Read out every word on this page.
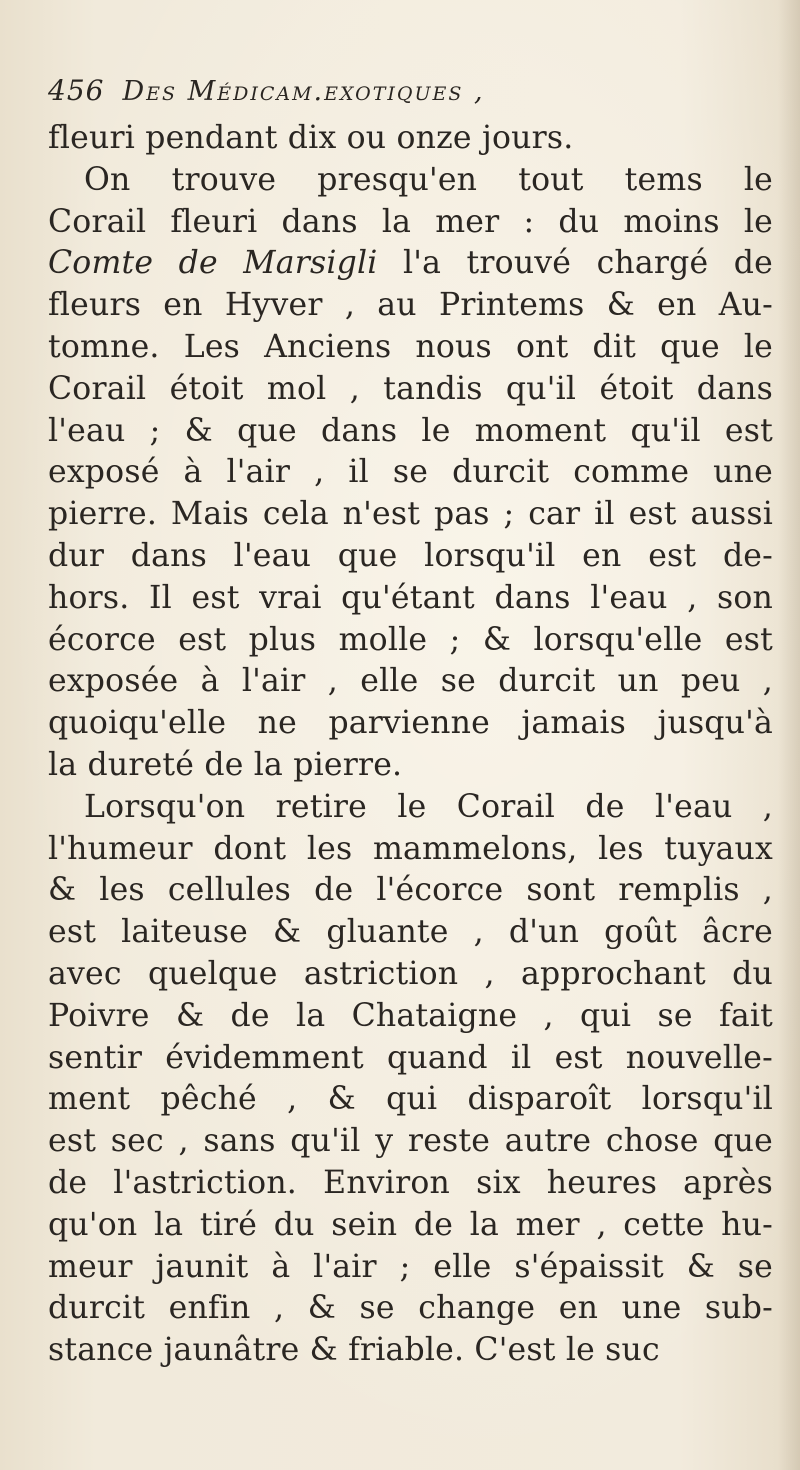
456 Des Médicam.exotiques ,
fleuri pendant dix ou onze jours.
On trouve presqu'en tout tems le
Corail fleuri dans la mer : du moins le
Comte de Marsigli l'a trouvé chargé de
fleurs en Hyver , au Printems & en Au-
tomne. Les Anciens nous ont dit que le
Corail étoit mol , tandis qu'il étoit dans
l'eau ; & que dans le moment qu'il est
exposé à l'air , il se durcit comme une
pierre. Mais cela n'est pas ; car il est aussi
dur dans l'eau que lorsqu'il en est de-
hors. Il est vrai qu'étant dans l'eau , son
écorce est plus molle ; & lorsqu'elle est
exposée à l'air , elle se durcit un peu ,
quoiqu'elle ne parvienne jamais jusqu'à
la dureté de la pierre.
Lorsqu'on retire le Corail de l'eau ,
l'humeur dont les mammelons, les tuyaux
& les cellules de l'écorce sont remplis ,
est laiteuse & gluante , d'un goût âcre
avec quelque astriction , approchant du
Poivre & de la Chataigne , qui se fait
sentir évidemment quand il est nouvelle-
ment pêché , & qui disparoît lorsqu'il
est sec , sans qu'il y reste autre chose que
de l'astriction. Environ six heures après
qu'on la tiré du sein de la mer , cette hu-
meur jaunit à l'air ; elle s'épaissit & se
durcit enfin , & se change en une sub-
stance jaunâtre & friable. C'est le suc
